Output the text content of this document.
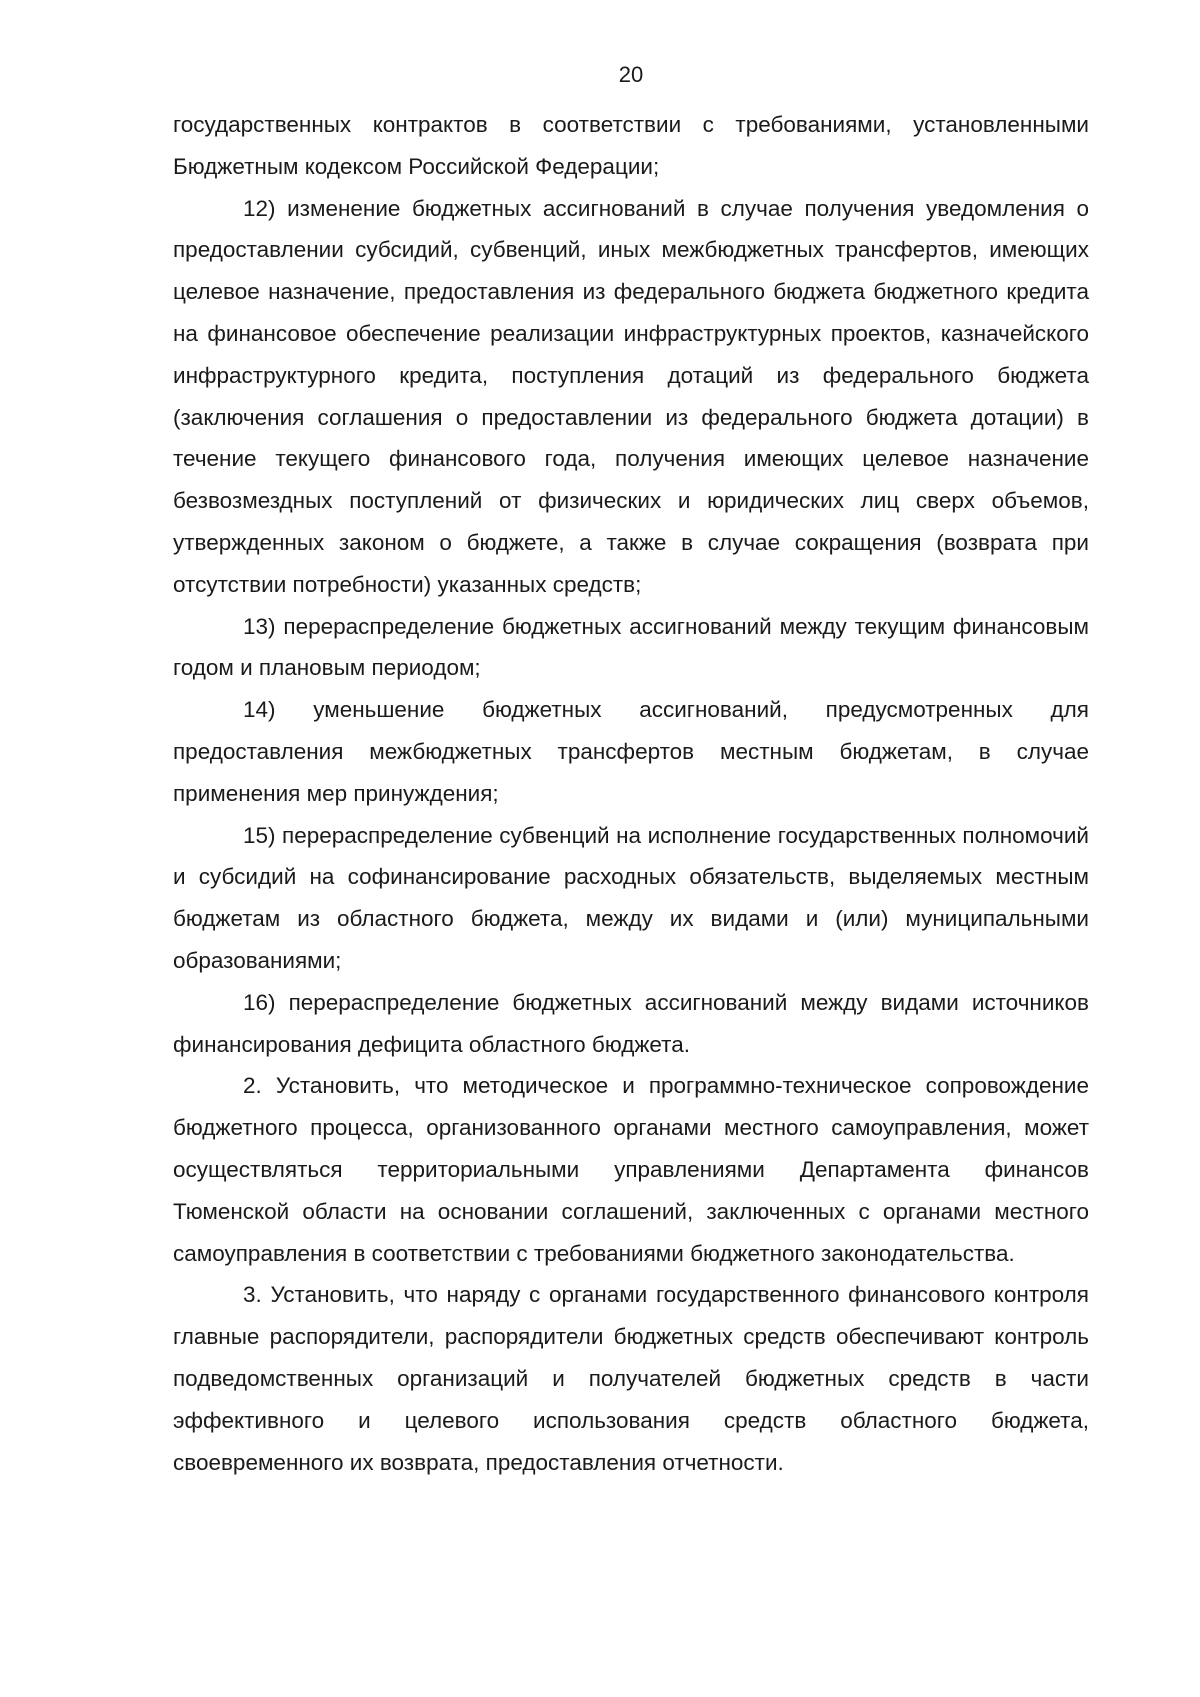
20

государственных контрактов в соответствии с требованиями, установленными Бюджетным кодексом Российской Федерации;

12) изменение бюджетных ассигнований в случае получения уведомления о предоставлении субсидий, субвенций, иных межбюджетных трансфертов, имеющих целевое назначение, предоставления из федерального бюджета бюджетного кредита на финансовое обеспечение реализации инфраструктурных проектов, казначейского инфраструктурного кредита, поступления дотаций из федерального бюджета (заключения соглашения о предоставлении из федерального бюджета дотации) в течение текущего финансового года, получения имеющих целевое назначение безвозмездных поступлений от физических и юридических лиц сверх объемов, утвержденных законом о бюджете, а также в случае сокращения (возврата при отсутствии потребности) указанных средств;

13) перераспределение бюджетных ассигнований между текущим финансовым годом и плановым периодом;

14) уменьшение бюджетных ассигнований, предусмотренных для предоставления межбюджетных трансфертов местным бюджетам, в случае применения мер принуждения;

15) перераспределение субвенций на исполнение государственных полномочий и субсидий на софинансирование расходных обязательств, выделяемых местным бюджетам из областного бюджета, между их видами и (или) муниципальными образованиями;

16) перераспределение бюджетных ассигнований между видами источников финансирования дефицита областного бюджета.

2. Установить, что методическое и программно-техническое сопровождение бюджетного процесса, организованного органами местного самоуправления, может осуществляться территориальными управлениями Департамента финансов Тюменской области на основании соглашений, заключенных с органами местного самоуправления в соответствии с требованиями бюджетного законодательства.

3. Установить, что наряду с органами государственного финансового контроля главные распорядители, распорядители бюджетных средств обеспечивают контроль подведомственных организаций и получателей бюджетных средств в части эффективного и целевого использования средств областного бюджета, своевременного их возврата, предоставления отчетности.
